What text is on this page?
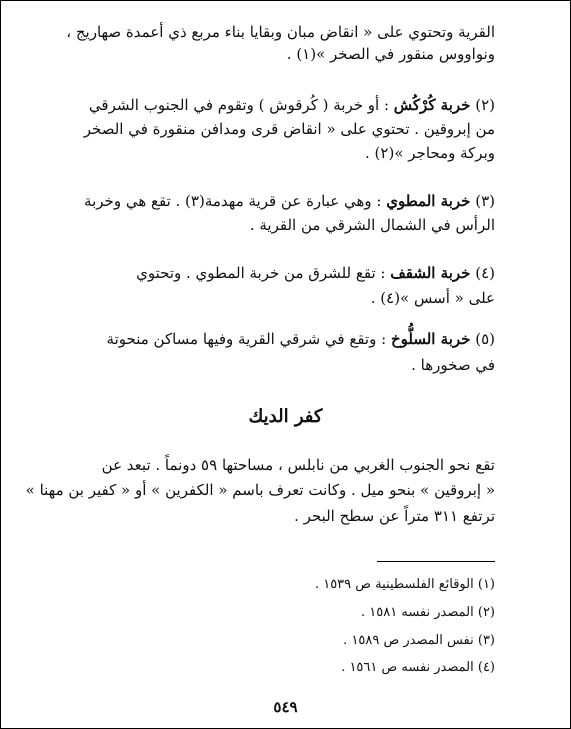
القرية وتحتوي على « انقاض مبان وبقايا بناء مربع ذي أعمدة صهاريج ،
ونواووس منقور في الصخر »(١) .
(٢) خربة كُرْكُش : أو خربة ( كُرقوش ) وتقوم في الجنوب الشرقي
من إبروقين . تحتوي على « انقاض قرى ومدافن منقورة في الصخر
وبركة ومحاجر »(٢) .
(٣) خربة المطوي : وهي عبارة عن قرية مهدمة(٣) . تقع هي وخربة
الرأس في الشمال الشرقي من القرية .
(٤) خربة الشقف : تقع للشرق من خربة المطوي . وتحتوي
على « أسس »(٤) .
(٥) خربة السلُّوخ : وتقع في شرقي القرية وفيها مساكن منحوتة
في صخورها .
كفر الديك
تقع نحو الجنوب الغربي من نابلس ، مساحتها ٥٩ دونماً . تبعد عن
« إبروقين » بنحو ميل . وكانت تعرف باسم « الكفرين » أو « كفير بن مهنا »
ترتفع ٣١١ متراً عن سطح البحر .
(١) الوقائع الفلسطينية ص ١٥٣٩ .
(٢) المصدر نفسه ١٥٨١ .
(٣) نفس المصدر ص ١٥٨٩ .
(٤) المصدر نفسه ص ١٥٦١ .
٥٤٩
